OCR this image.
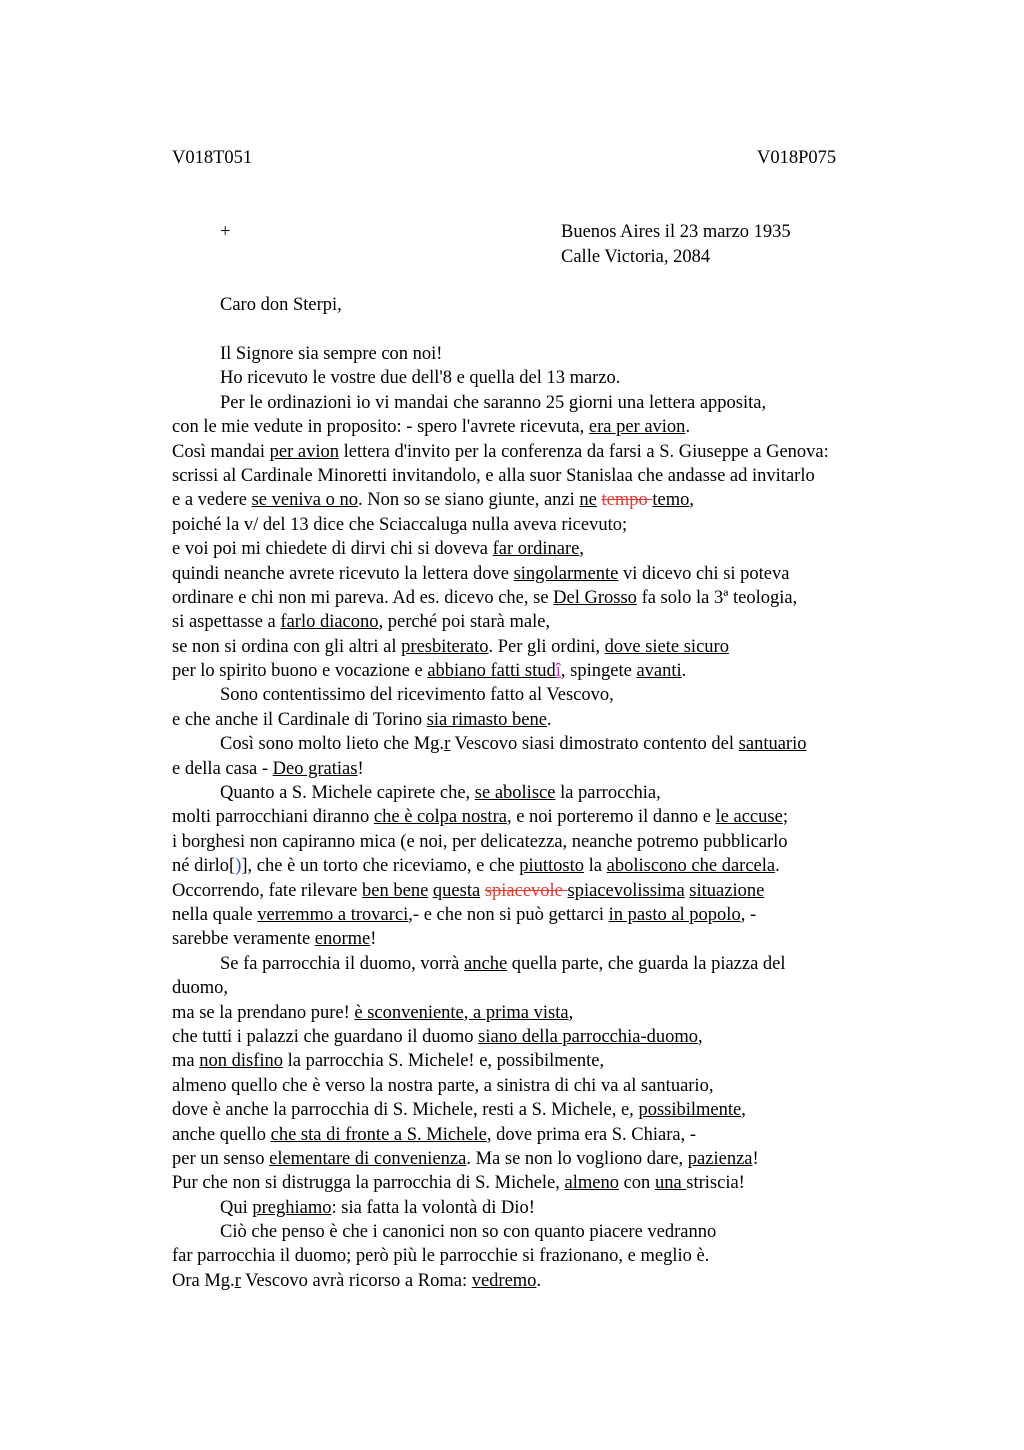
V018T051	V018P075
+	Buenos Aires il 23 marzo 1935
Calle Victoria, 2084
Caro don Sterpi,
Il Signore sia sempre con noi!
Ho ricevuto le vostre due dell'8 e quella del 13 marzo.
Per le ordinazioni io vi mandai che saranno 25 giorni una lettera apposita,
con le mie vedute in proposito: - spero l'avrete ricevuta, era per avion.
Così mandai per avion lettera d'invito per la conferenza da farsi a S. Giuseppe a Genova:
scrissi al Cardinale Minoretti invitandolo, e alla suor Stanislaa che andasse ad invitarlo
e a vedere se veniva o no. Non so se siano giunte, anzi ne tempo temo,
poiché la v/ del 13 dice che Sciaccaluga nulla aveva ricevuto;
e voi poi mi chiedete di dirvi chi si doveva far ordinare,
quindi neanche avrete ricevuto la lettera dove singolarmente vi dicevo chi si poteva
ordinare e chi non mi pareva. Ad es. dicevo che, se Del Grosso fa solo la 3ª teologia,
si aspettasse a farlo diacono, perché poi starà male,
se non si ordina con gli altri al presbiterato. Per gli ordini, dove siete sicuro
per lo spirito buono e vocazione e abbiano fatti studî, spingete avanti.
Sono contentissimo del ricevimento fatto al Vescovo,
e che anche il Cardinale di Torino sia rimasto bene.
Così sono molto lieto che Mg.r Vescovo siasi dimostrato contento del santuario
e della casa - Deo gratias!
Quanto a S. Michele capirete che, se abolisce la parrocchia,
molti parrocchiani diranno che è colpa nostra, e noi porteremo il danno e le accuse;
i borghesi non capiranno mica (e noi, per delicatezza, neanche potremo pubblicarlo
né dirlo[)], che è un torto che riceviamo, e che piuttosto la aboliscono che darcela.
Occorrendo, fate rilevare ben bene questa spiacevole spiacevolissima situazione
nella quale verremmo a trovarci,- e che non si può gettarci in pasto al popolo, -
sarebbe veramente enorme!
Se fa parrocchia il duomo, vorrà anche quella parte, che guarda la piazza del
duomo,
ma se la prendano pure! è sconveniente, a prima vista,
che tutti i palazzi che guardano il duomo siano della parrocchia-duomo,
ma non disfino la parrocchia S. Michele! e, possibilmente,
almeno quello che è verso la nostra parte, a sinistra di chi va al santuario,
dove è anche la parrocchia di S. Michele, resti a S. Michele, e, possibilmente,
anche quello che sta di fronte a S. Michele, dove prima era S. Chiara, -
per un senso elementare di convenienza. Ma se non lo vogliono dare, pazienza!
Pur che non si distrugga la parrocchia di S. Michele, almeno con una striscia!
Qui preghiamo: sia fatta la volontà di Dio!
Ciò che penso è che i canonici non so con quanto piacere vedranno
far parrocchia il duomo; però più le parrocchie si frazionano, e meglio è.
Ora Mg.r Vescovo avrà ricorso a Roma: vedremo.
